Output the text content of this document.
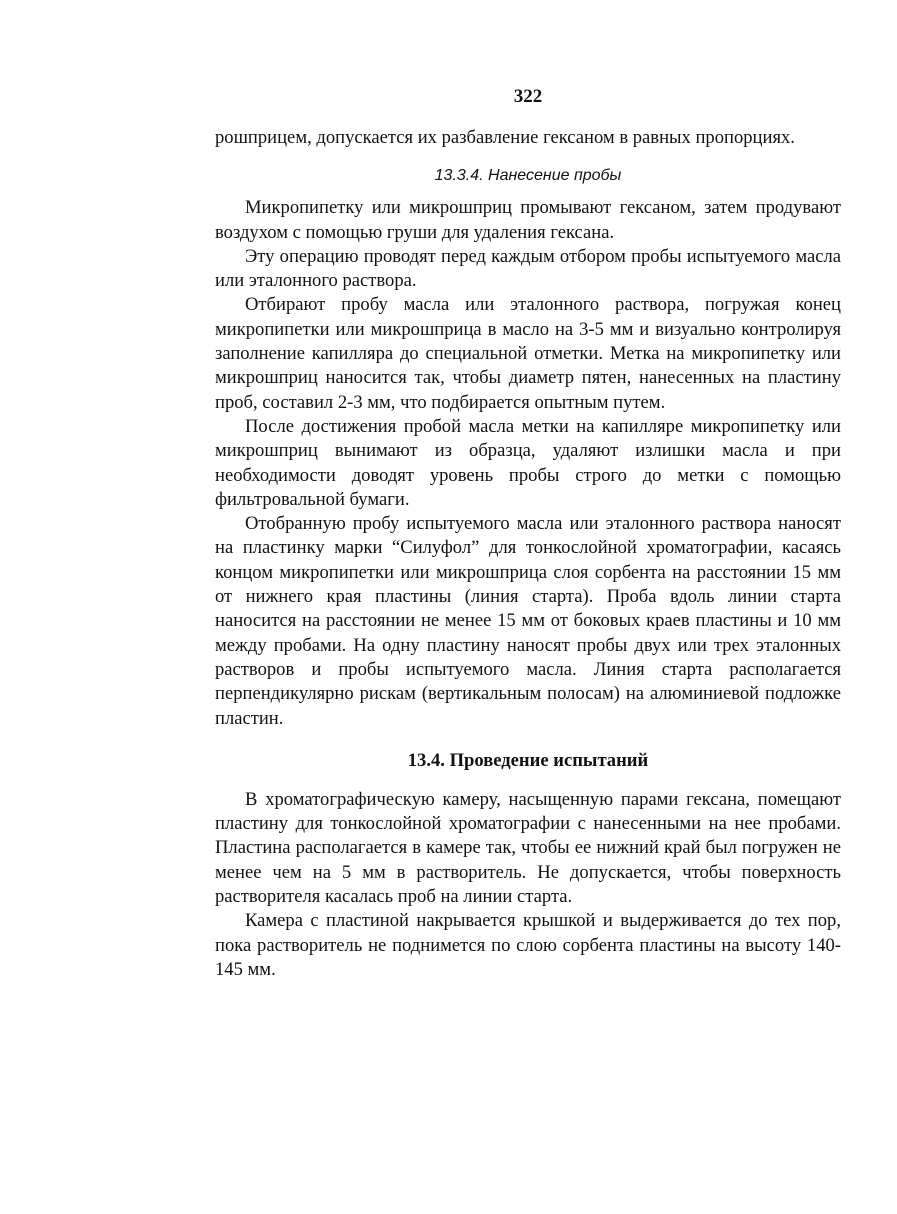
322

рошприцем, допускается их разбавление гексаном в равных пропорциях.

13.3.4. Нанесение пробы

Микропипетку или микрошприц промывают гексаном, затем продувают воздухом с помощью груши для удаления гексана.

Эту операцию проводят перед каждым отбором пробы испытуемого масла или эталонного раствора.

Отбирают пробу масла или эталонного раствора, погружая конец микропипетки или микрошприца в масло на 3-5 мм и визуально контролируя заполнение капилляра до специальной отметки. Метка на микропипетку или микрошприц наносится так, чтобы диаметр пятен, нанесенных на пластину проб, составил 2-3 мм, что подбирается опытным путем.

После достижения пробой масла метки на капилляре микропипетку или микрошприц вынимают из образца, удаляют излишки масла и при необходимости доводят уровень пробы строго до метки с помощью фильтровальной бумаги.

Отобранную пробу испытуемого масла или эталонного раствора наносят на пластинку марки “Силуфол” для тонкослойной хроматографии, касаясь концом микропипетки или микрошприца слоя сорбента на расстоянии 15 мм от нижнего края пластины (линия старта). Проба вдоль линии старта наносится на расстоянии не менее 15 мм от боковых краев пластины и 10 мм между пробами. На одну пластину наносят пробы двух или трех эталонных растворов и пробы испытуемого масла. Линия старта располагается перпендикулярно рискам (вертикальным полосам) на алюминиевой подложке пластин.

13.4. Проведение испытаний

В хроматографическую камеру, насыщенную парами гексана, помещают пластину для тонкослойной хроматографии с нанесенными на нее пробами. Пластина располагается в камере так, чтобы ее нижний край был погружен не менее чем на 5 мм в растворитель. Не допускается, чтобы поверхность растворителя касалась проб на линии старта.

Камера с пластиной накрывается крышкой и выдерживается до тех пор, пока растворитель не поднимется по слою сорбента пластины на высоту 140-145 мм.
